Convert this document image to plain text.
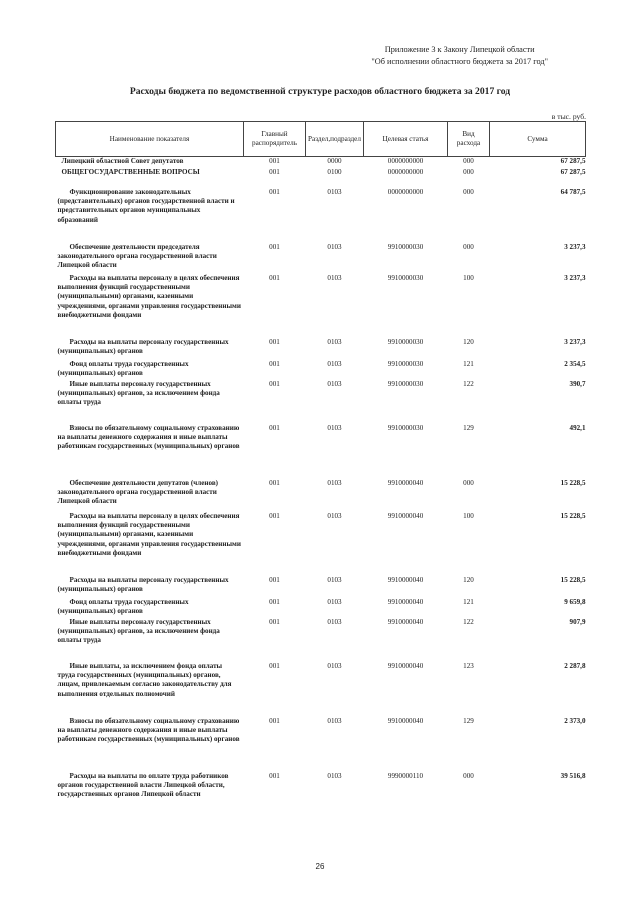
Приложение 3 к Закону Липецкой области
"Об исполнении областного бюджета за 2017 год"
Расходы бюджета по ведомственной структуре расходов областного бюджета за 2017 год
в тыс. руб.
Наименование показателя	Главный распорядитель	Раздел,подраздел	Целевая статья	Вид расхода	Сумма
Липецкий областной Совет депутатов	001	0000	0000000000	000	67 287,5
ОБЩЕГОСУДАРСТВЕННЫЕ ВОПРОСЫ	001	0100	0000000000	000	67 287,5
Функционирование законодательных (представительных) органов государственной власти и представительных органов муниципальных образований	001	0103	0000000000	000	64 787,5
Обеспечение деятельности председателя законодательного органа государственной власти Липецкой области	001	0103	9910000030	000	3 237,3
Расходы на выплаты персоналу в целях обеспечения выполнения функций государственными (муниципальными) органами, казенными учреждениями, органами управления государственными внебюджетными фондами	001	0103	9910000030	100	3 237,3
Расходы на выплаты персоналу государственных (муниципальных) органов	001	0103	9910000030	120	3 237,3
Фонд оплаты труда государственных (муниципальных) органов	001	0103	9910000030	121	2 354,5
Иные выплаты персоналу государственных (муниципальных) органов, за исключением фонда оплаты труда	001	0103	9910000030	122	390,7
Взносы по обязательному социальному страхованию на выплаты денежного содержания и иные выплаты работникам государственных (муниципальных) органов	001	0103	9910000030	129	492,1
Обеспечение деятельности депутатов (членов) законодательного органа государственной власти Липецкой области	001	0103	9910000040	000	15 228,5
Расходы на выплаты персоналу в целях обеспечения выполнения функций государственными (муниципальными) органами, казенными учреждениями, органами управления государственными внебюджетными фондами	001	0103	9910000040	100	15 228,5
Расходы на выплаты персоналу государственных (муниципальных) органов	001	0103	9910000040	120	15 228,5
Фонд оплаты труда государственных (муниципальных) органов	001	0103	9910000040	121	9 659,8
Иные выплаты персоналу государственных (муниципальных) органов, за исключением фонда оплаты труда	001	0103	9910000040	122	907,9
Иные выплаты, за исключением фонда оплаты труда государственных (муниципальных) органов, лицам, привлекаемым согласно законодательству для выполнения отдельных полномочий	001	0103	9910000040	123	2 287,8
Взносы по обязательному социальному страхованию на выплаты денежного содержания и иные выплаты работникам государственных (муниципальных) органов	001	0103	9910000040	129	2 373,0
Расходы на выплаты по оплате труда работников органов государственной власти Липецкой области, государственных органов Липецкой области	001	0103	9990000110	000	39 516,8
26
